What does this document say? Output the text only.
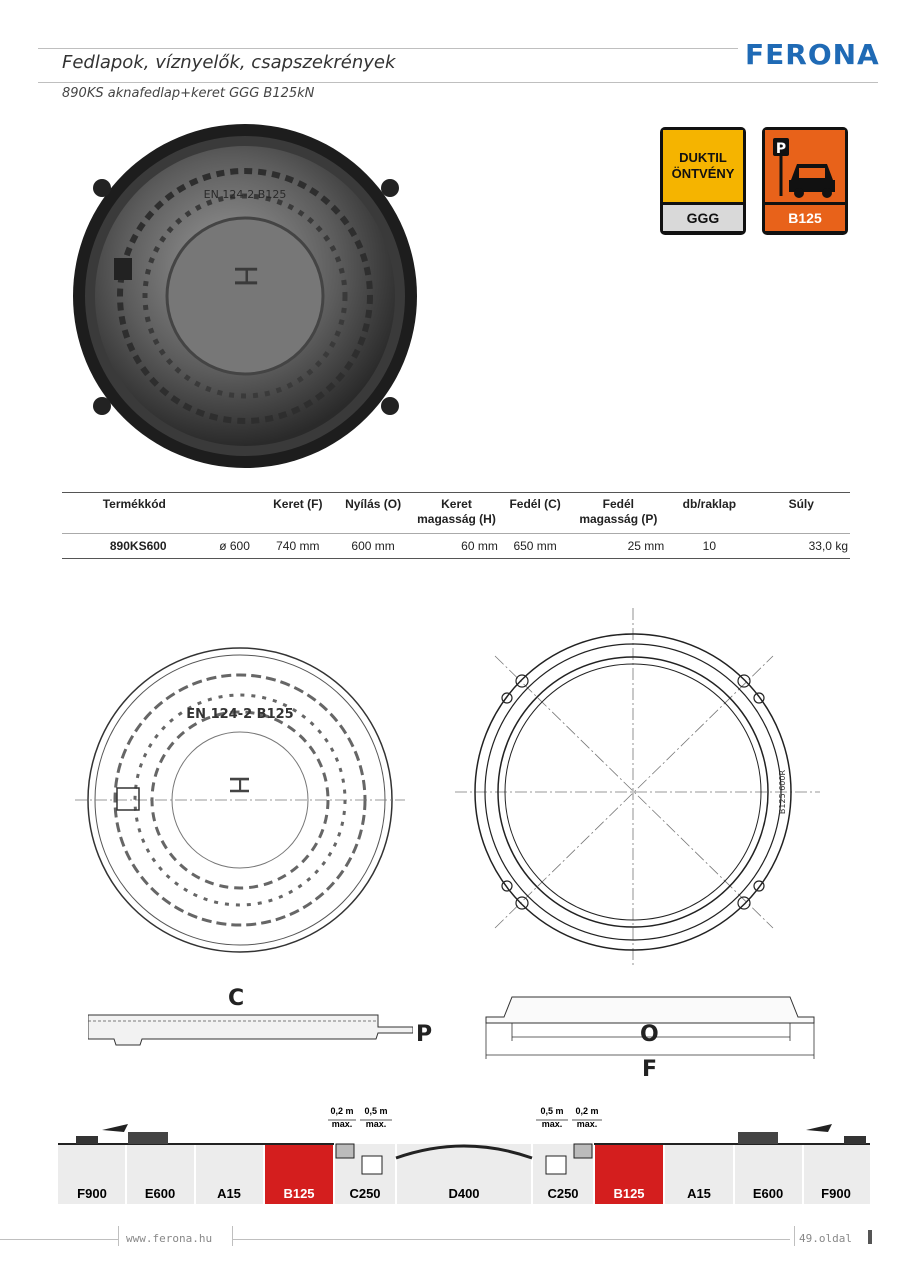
Fedlapok, víznyelők, csapszekrények
890KS aknafedlap+keret GGG B125kN
FERONA
H
EN 124-2 B125
DUKTIL
ÖNTVÉNY
GGG
P
B125
Termékkód		Keret (F)	Nyílás (O)	Keret magasság (H)	Fedél (C)	Fedél magasság (P)	db/raklap	Súly
890KS600	ø 600	740 mm	600 mm	60 mm	650 mm	25 mm	10	33,0 kg
EN 124-2 B125
H	B125 600R
C
P	O
F
0,2 m
max.
0,5 m
max.
0,5 m
max.
0,2 m
max.
F900	E600	A15	B125	C250	D400	C250	B125	A15	E600	F900
www.ferona.hu	49.oldal
